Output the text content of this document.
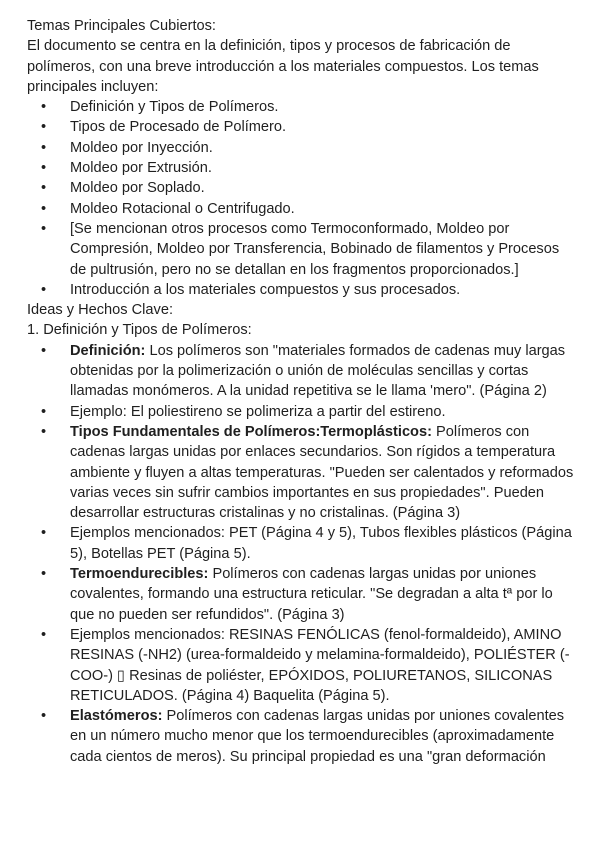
Temas Principales Cubiertos:

El documento se centra en la definición, tipos y procesos de fabricación de polímeros, con una breve introducción a los materiales compuestos. Los temas principales incluyen:

•	Definición y Tipos de Polímeros.
•	Tipos de Procesado de Polímero.
•	Moldeo por Inyección.
•	Moldeo por Extrusión.
•	Moldeo por Soplado.
•	Moldeo Rotacional o Centrifugado.
•	[Se mencionan otros procesos como Termoconformado, Moldeo por Compresión, Moldeo por Transferencia, Bobinado de filamentos y Procesos de pultrusión, pero no se detallan en los fragmentos proporcionados.]
•	Introducción a los materiales compuestos y sus procesados.

Ideas y Hechos Clave:

1. Definición y Tipos de Polímeros:

•	Definición: Los polímeros son "materiales formados de cadenas muy largas obtenidas por la polimerización o unión de moléculas sencillas y cortas llamadas monómeros. A la unidad repetitiva se le llama 'mero". (Página 2)
•	Ejemplo: El poliestireno se polimeriza a partir del estireno.
•	Tipos Fundamentales de Polímeros:Termoplásticos: Polímeros con cadenas largas unidas por enlaces secundarios. Son rígidos a temperatura ambiente y fluyen a altas temperaturas. "Pueden ser calentados y reformados varias veces sin sufrir cambios importantes en sus propiedades". Pueden desarrollar estructuras cristalinas y no cristalinas. (Página 3)
•	Ejemplos mencionados: PET (Página 4 y 5), Tubos flexibles plásticos (Página 5), Botellas PET (Página 5).
•	Termoendurecibles: Polímeros con cadenas largas unidas por uniones covalentes, formando una estructura reticular. "Se degradan a alta tª por lo que no pueden ser refundidos". (Página 3)
•	Ejemplos mencionados: RESINAS FENÓLICAS (fenol-formaldeido), AMINO RESINAS (-NH2) (urea-formaldeido y melamina-formaldeido), POLIÉSTER (-COO-) ▯ Resinas de poliéster, EPÓXIDOS, POLIURETANOS, SILICONAS RETICULADOS. (Página 4) Baquelita (Página 5).
•	Elastómeros: Polímeros con cadenas largas unidas por uniones covalentes en un número mucho menor que los termoendurecibles (aproximadamente cada cientos de meros). Su principal propiedad es una "gran deformación
